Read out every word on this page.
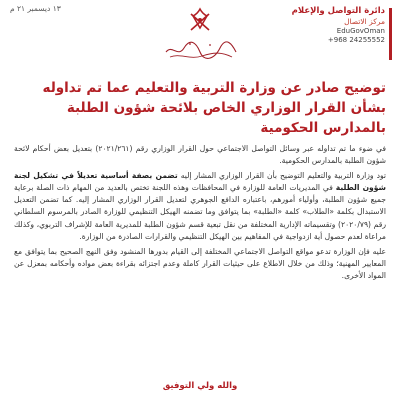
١٣ ديسمبر ٢١ م	دائرة التواصل والإعلام
مركز الاتصال
EduGovOman
+968 24255552
توضيح صادر عن وزارة التربية والتعليم عما تم تداوله بشأن القرار الوزاري الخاص بلائحة شؤون الطلبة بالمدارس الحكومية

في ضوء ما تم تداوله عبر وسائل التواصل الاجتماعي حول القرار الوزاري رقم (٢٠٢١/٢٦١) بتعديل بعض أحكام لائحة شؤون الطلبة بالمدارس الحكومية.

تود وزارة التربية والتعليم التوضيح بأن القرار الوزاري المشار إليه تضمن بصفة أساسية تعديلاً في تشكيل لجنة شؤون الطلبة في المديريات العامة للوزارة في المحافظات وهذه اللجنة تختص بالعديد من المهام ذات الصلة برعاية جميع شؤون الطلبة، وأولياء أمورهم، باعتباره الدافع الجوهري لتعديل القرار الوزاري المشار إليه. كما تضمن التعديل الاستبدال بكلمة «الطلاب» كلمة «الطلبة» بما يتوافق وما تضمنه الهيكل التنظيمي للوزارة الصادر بالمرسوم السلطاني رقم (٢٠٢٠/٧٩) وتقسيماته الإدارية المختلفة من نقل تبعية قسم شؤون الطلبة للمديرية العامة للإشراف التربوي، وكذلك مراعاة لعدم حصول أية ازدواجية في المفاهيم بين الهيكل التنظيمي والقرارات الصادرة من الوزارة.

عليه فإن الوزارة تدعو مواقع التواصل الاجتماعي المختلفة إلى القيام بدورها المنشود وفق النهج الصحيح بما يتوافق مع المعايير المهنية؛ وذلك من خلال الاطلاع على حيثيات القرار كاملة وعدم اجتزائه بقراءة بعض مواده وأحكامه بمعزل عن المواد الأخرى.

والله ولي التوفيق
